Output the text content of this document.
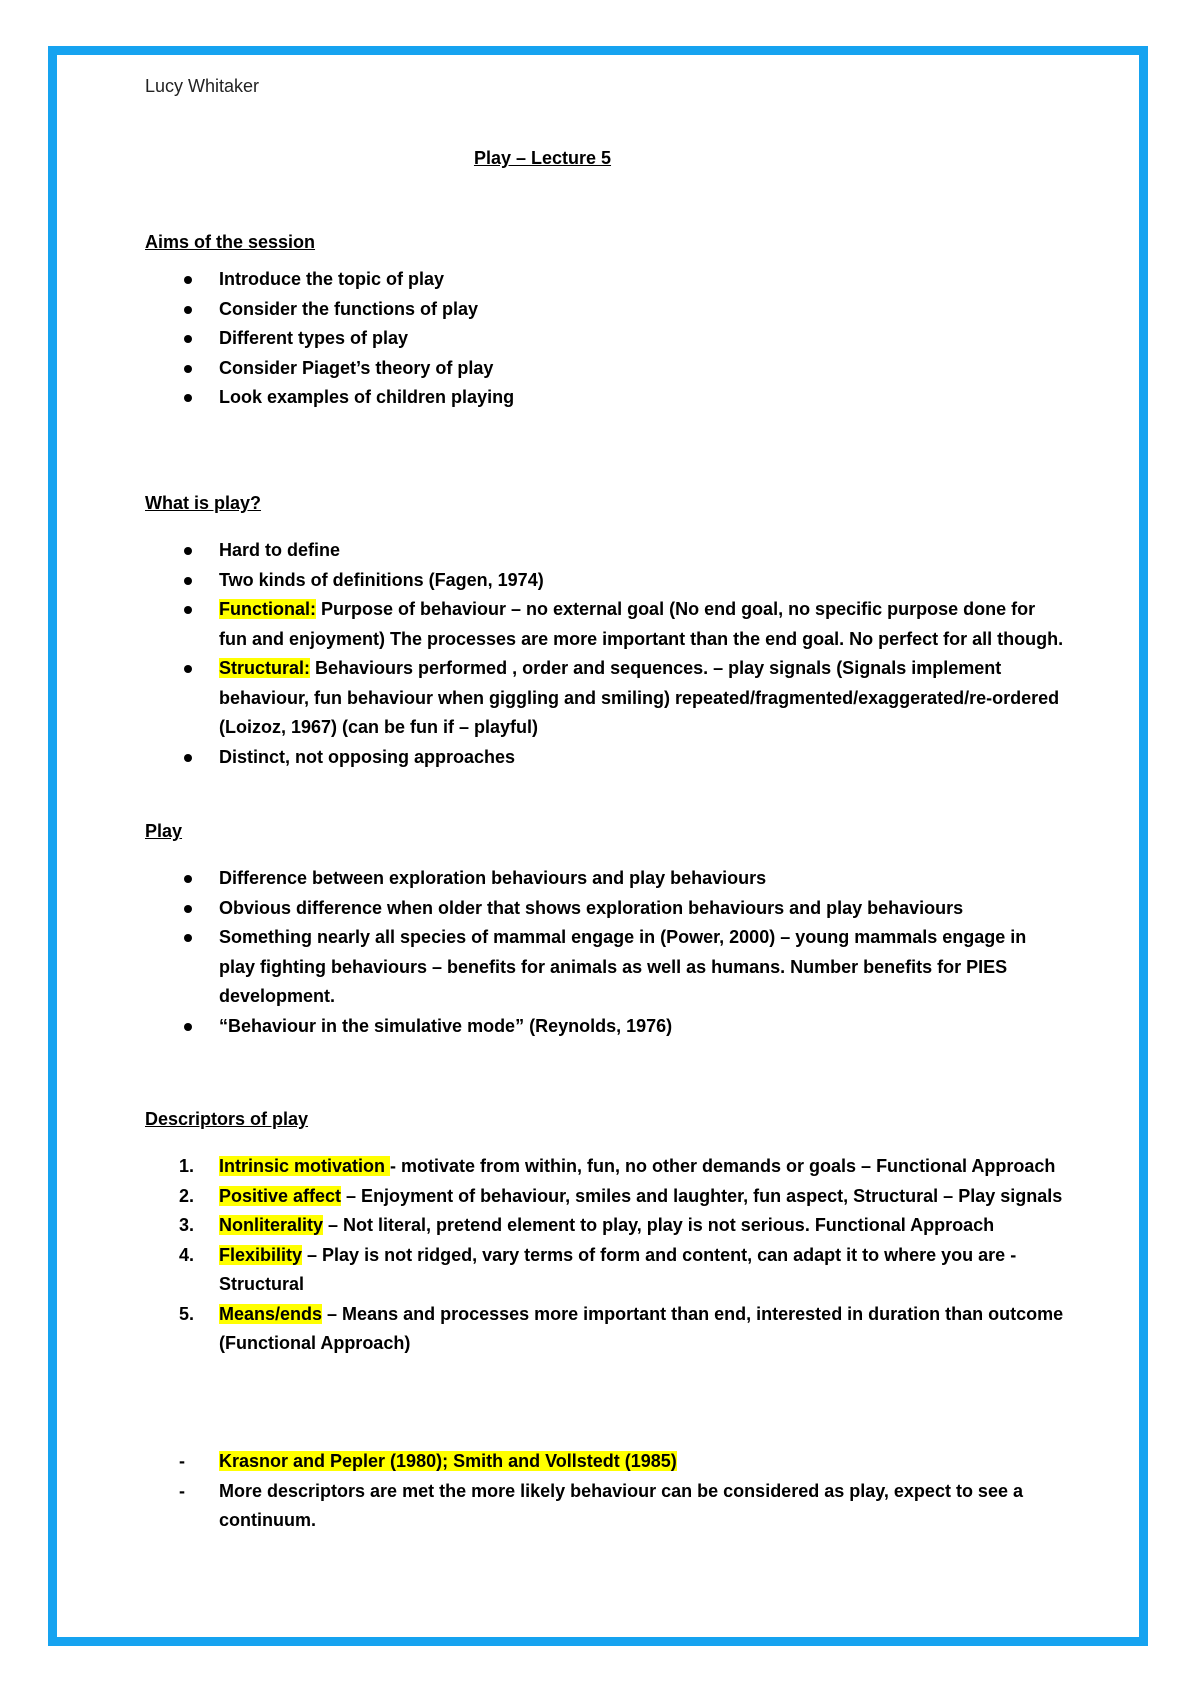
Lucy Whitaker
Play – Lecture 5
Aims of the session
Introduce the topic of play
Consider the functions of play
Different types of play
Consider Piaget’s theory of play
Look examples of children playing
What is play?
Hard to define
Two kinds of definitions (Fagen, 1974)
Functional: Purpose of behaviour – no external goal (No end goal, no specific purpose done for fun and enjoyment) The processes are more important than the end goal. No perfect for all though.
Structural: Behaviours performed , order and sequences. – play signals (Signals implement behaviour, fun behaviour when giggling and smiling) repeated/fragmented/exaggerated/re-ordered (Loizoz, 1967) (can be fun if – playful)
Distinct, not opposing approaches
Play
Difference between exploration behaviours and play behaviours
Obvious difference when older that shows exploration behaviours and play behaviours
Something nearly all species of mammal engage in (Power, 2000) – young mammals engage in play fighting behaviours – benefits for animals as well as humans. Number benefits for PIES development.
“Behaviour in the simulative mode” (Reynolds, 1976)
Descriptors of play
1. Intrinsic motivation - motivate from within, fun, no other demands or goals – Functional Approach
2. Positive affect – Enjoyment of behaviour, smiles and laughter, fun aspect, Structural – Play signals
3. Nonliterality – Not literal, pretend element to play, play is not serious. Functional Approach
4. Flexibility – Play is not ridged, vary terms of form and content, can adapt it to where you are - Structural
5. Means/ends – Means and processes more important than end, interested in duration than outcome (Functional Approach)
- Krasnor and Pepler (1980); Smith and Vollstedt (1985)
- More descriptors are met the more likely behaviour can be considered as play, expect to see a continuum.
